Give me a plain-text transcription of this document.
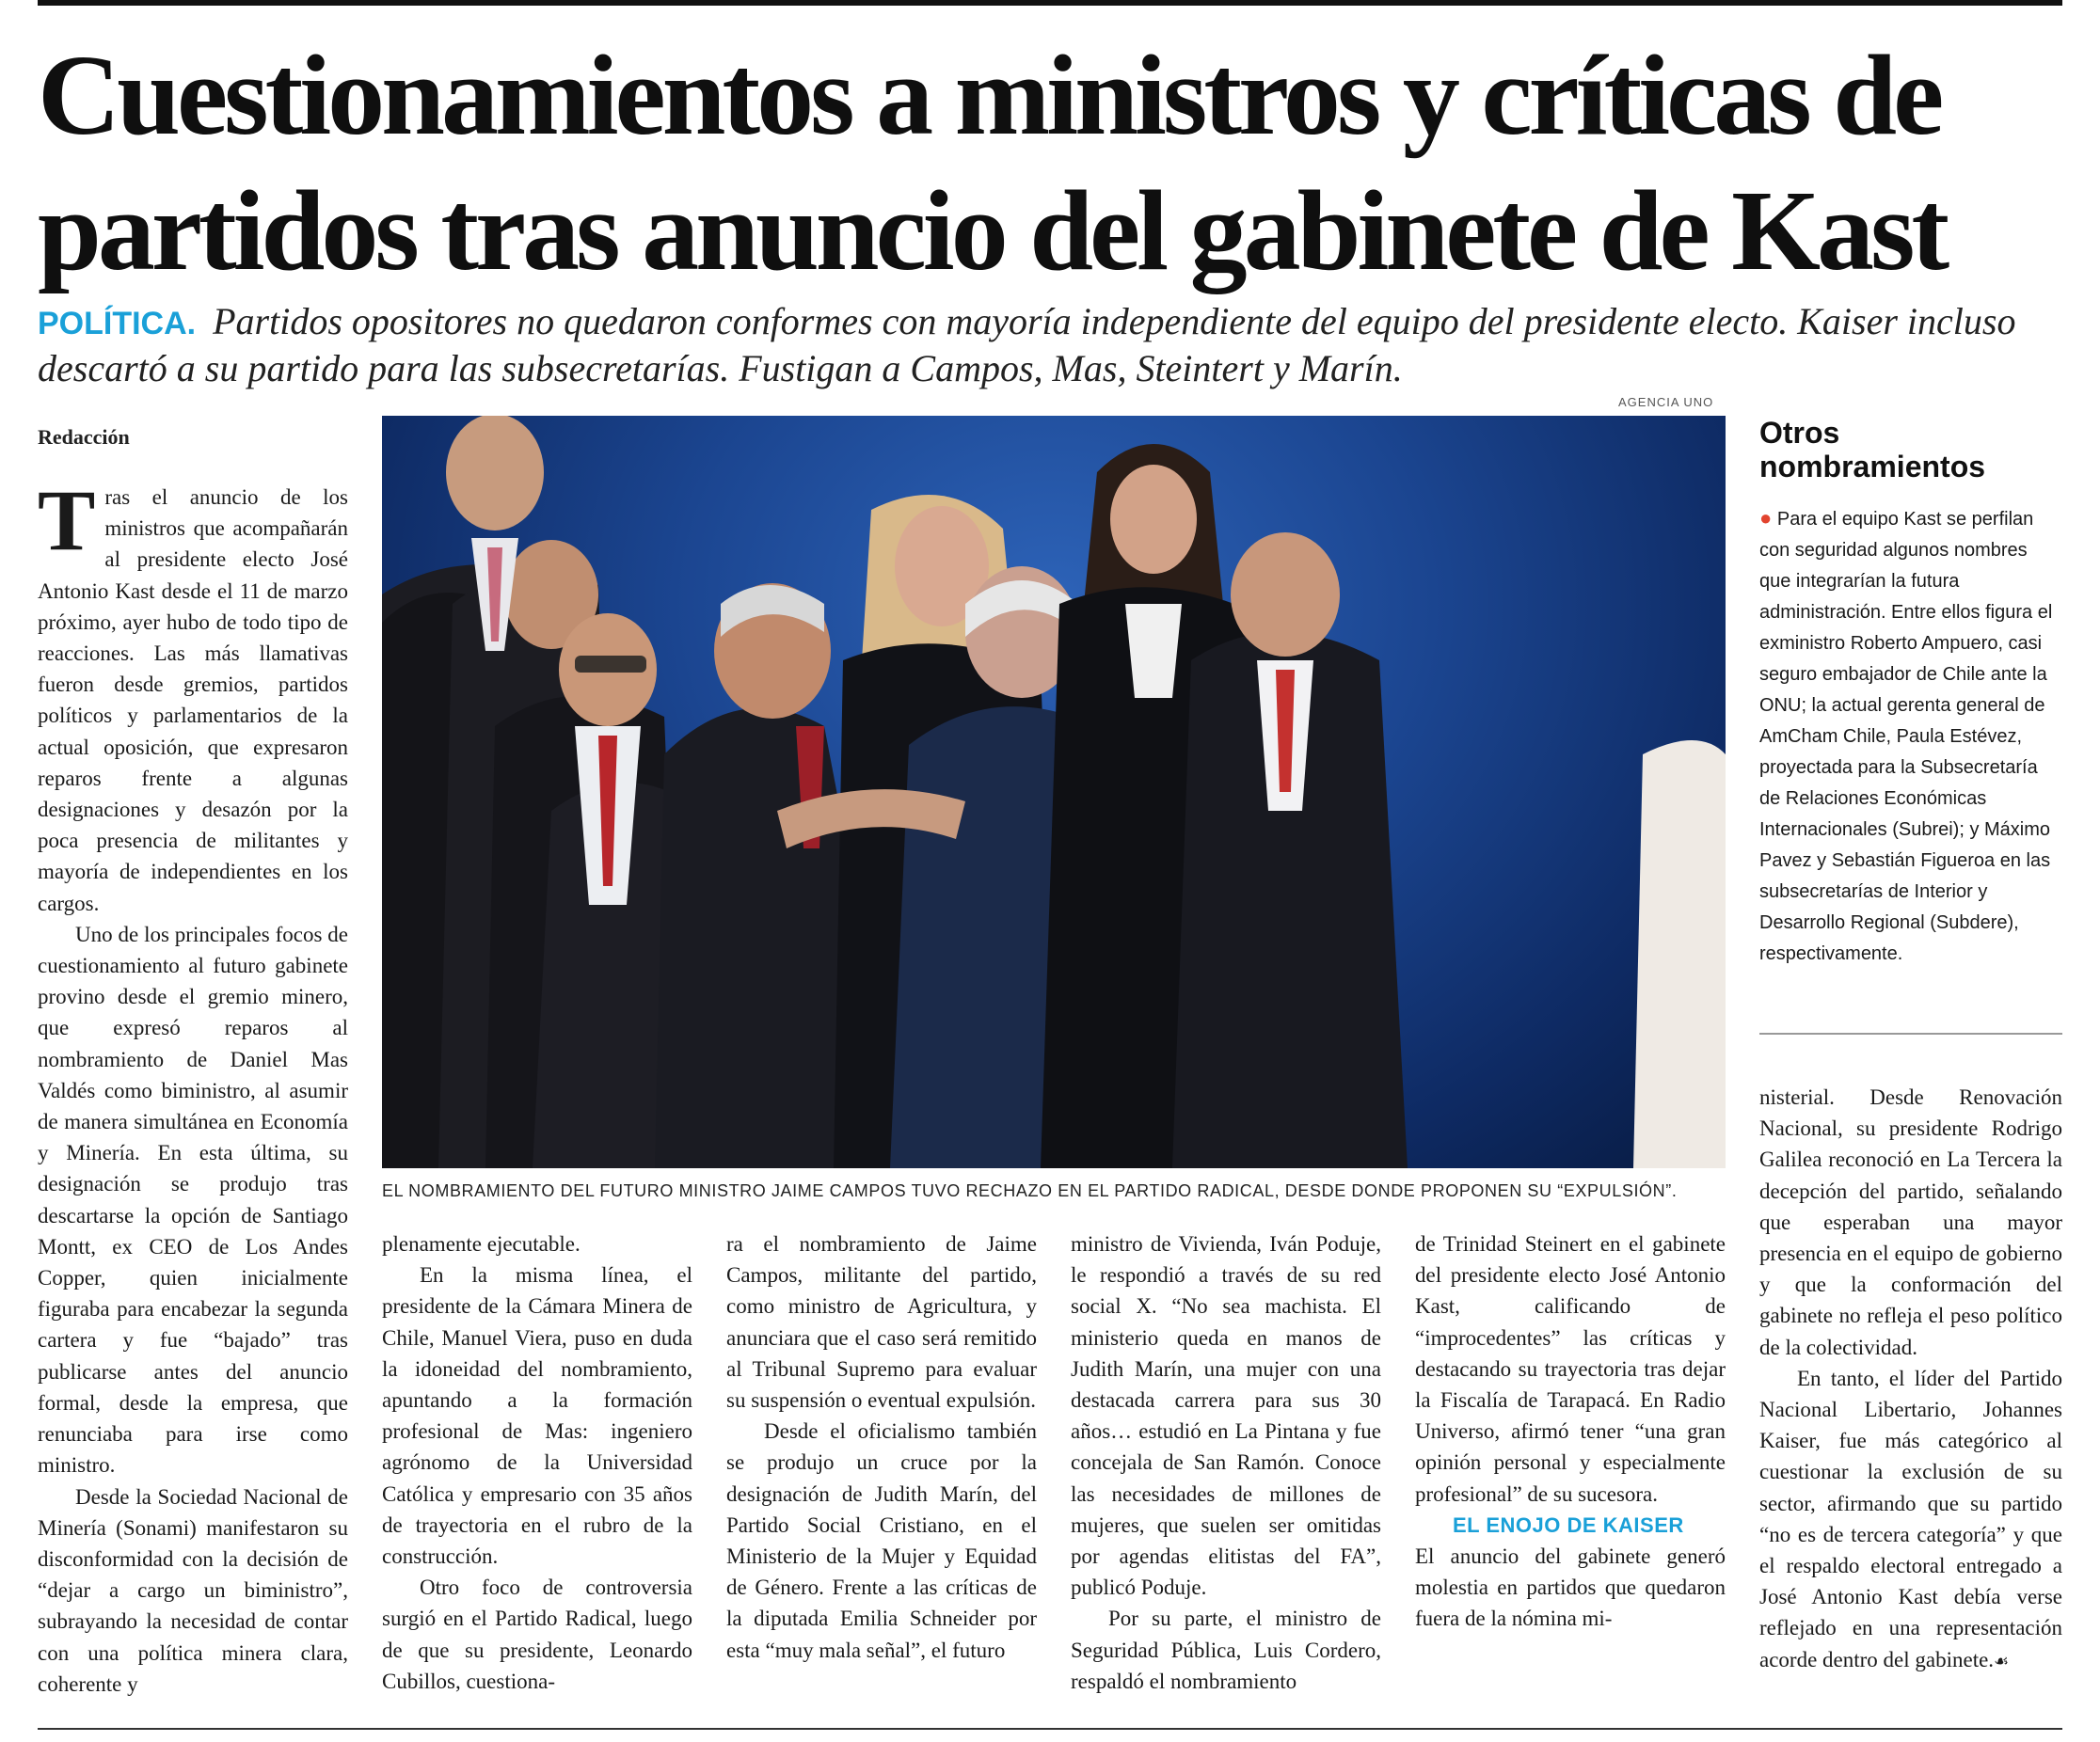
Cuestionamientos a ministros y críticas de
partidos tras anuncio del gabinete de Kast
POLÍTICA. Partidos opositores no quedaron conformes con mayoría independiente del equipo del presidente electo. Kaiser incluso descartó a su partido para las subsecretarías. Fustigan a Campos, Mas, Steintert y Marín.
AGENCIA UNO
Redacción

Tras el anuncio de los ministros que acompañarán al presidente electo José Antonio Kast desde el 11 de marzo próximo, ayer hubo de todo tipo de reacciones. Las más llamativas fueron desde gremios, partidos políticos y parlamentarios de la actual oposición, que expresaron reparos frente a algunas designaciones y desazón por la poca presencia de militantes y mayoría de independientes en los cargos.

Uno de los principales focos de cuestionamiento al futuro gabinete provino desde el gremio minero, que expresó reparos al nombramiento de Daniel Mas Valdés como biministro, al asumir de manera simultánea en Economía y Minería. En esta última, su designación se produjo tras descartarse la opción de Santiago Montt, ex CEO de Los Andes Copper, quien inicialmente figuraba para encabezar la segunda cartera y fue “bajado” tras publicarse antes del anuncio formal, desde la empresa, que renunciaba para irse como ministro.

Desde la Sociedad Nacional de Minería (Sonami) manifestaron su disconformidad con la decisión de “dejar a cargo un biministro”, subrayando la necesidad de contar con una política minera clara, coherente y

EL NOMBRAMIENTO DEL FUTURO MINISTRO JAIME CAMPOS TUVO RECHAZO EN EL PARTIDO RADICAL, DESDE DONDE PROPONEN SU “EXPULSIÓN”.
Otros nombramientos
● Para el equipo Kast se perfilan con seguridad algunos nombres que integrarían la futura administración. Entre ellos figura el exministro Roberto Ampuero, casi seguro embajador de Chile ante la ONU; la actual gerenta general de AmCham Chile, Paula Estévez, proyectada para la Subsecretaría de Relaciones Económicas Internacionales (Subrei); y Máximo Pavez y Sebastián Figueroa en las subsecretarías de Interior y Desarrollo Regional (Subdere), respectivamente.

plenamente ejecutable.

En la misma línea, el presidente de la Cámara Minera de Chile, Manuel Viera, puso en duda la idoneidad del nombramiento, apuntando a la formación profesional de Mas: ingeniero agrónomo de la Universidad Católica y empresario con 35 años de trayectoria en el rubro de la construcción.

Otro foco de controversia surgió en el Partido Radical, luego de que su presidente, Leonardo Cubillos, cuestiona-

ra el nombramiento de Jaime Campos, militante del partido, como ministro de Agricultura, y anunciara que el caso será remitido al Tribunal Supremo para evaluar su suspensión o eventual expulsión.

Desde el oficialismo también se produjo un cruce por la designación de Judith Marín, del Partido Social Cristiano, en el Ministerio de la Mujer y Equidad de Género. Frente a las críticas de la diputada Emilia Schneider por esta “muy mala señal”, el futuro

ministro de Vivienda, Iván Poduje, le respondió a través de su red social X. “No sea machista. El ministerio queda en manos de Judith Marín, una mujer con una destacada carrera para sus 30 años… estudió en La Pintana y fue concejala de San Ramón. Conoce las necesidades de millones de mujeres, que suelen ser omitidas por agendas elitistas del FA”, publicó Poduje.

Por su parte, el ministro de Seguridad Pública, Luis Cordero, respaldó el nombramiento

de Trinidad Steinert en el gabinete del presidente electo José Antonio Kast, calificando de “improcedentes” las críticas y destacando su trayectoria tras dejar la Fiscalía de Tarapacá. En Radio Universo, afirmó tener “una gran opinión personal y especialmente profesional” de su sucesora.

EL ENOJO DE KAISER

El anuncio del gabinete generó molestia en partidos que quedaron fuera de la nómina mi-

nisterial. Desde Renovación Nacional, su presidente Rodrigo Galilea reconoció en La Tercera la decepción del partido, señalando que esperaban una mayor presencia en el equipo de gobierno y que la conformación del gabinete no refleja el peso político de la colectividad.

En tanto, el líder del Partido Nacional Libertario, Johannes Kaiser, fue más categórico al cuestionar la exclusión de su sector, afirmando que su partido “no es de tercera categoría” y que el respaldo electoral entregado a José Antonio Kast debía verse reflejado en una representación acorde dentro del gabinete.☙
